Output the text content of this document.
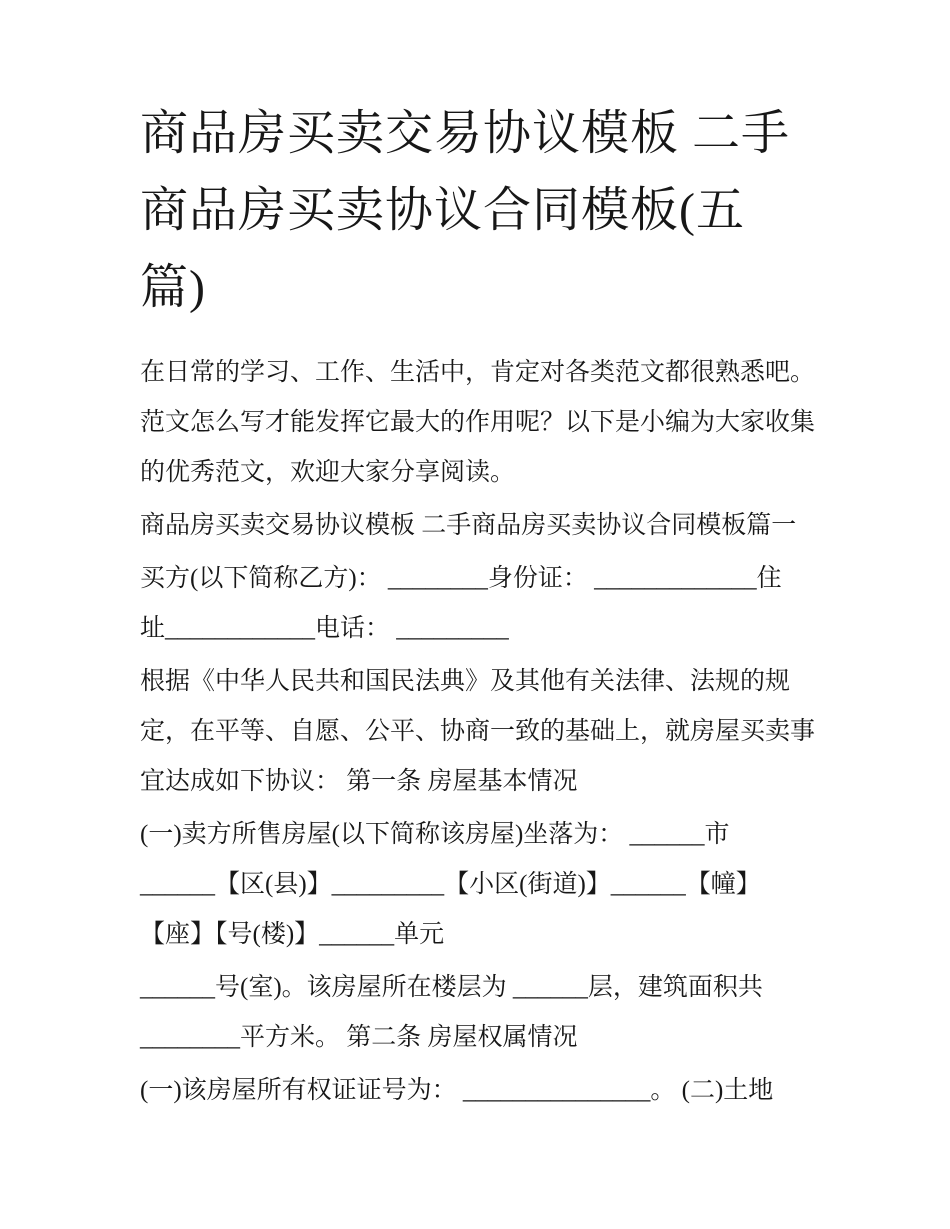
商品房买卖交易协议模板 二手
商品房买卖协议合同模板(五
篇)
在日常的学习、工作、生活中，肯定对各类范文都很熟悉吧。
范文怎么写才能发挥它最大的作用呢？以下是小编为大家收集
的优秀范文，欢迎大家分享阅读。
商品房买卖交易协议模板 二手商品房买卖协议合同模板篇一
买方(以下简称乙方)： ________身份证： _____________住
址____________电话： _________
根据《中华人民共和国民法典》及其他有关法律、法规的规
定，在平等、自愿、公平、协商一致的基础上，就房屋买卖事
宜达成如下协议： 第一条 房屋基本情况
(一)卖方所售房屋(以下简称该房屋)坐落为： ______市
______【区(县)】_________【小区(街道)】______【幢】
【座】【号(楼)】______单元
______号(室)。该房屋所在楼层为 ______层，建筑面积共
________平方米。 第二条 房屋权属情况
(一)该房屋所有权证证号为： _______________。 (二)土地
